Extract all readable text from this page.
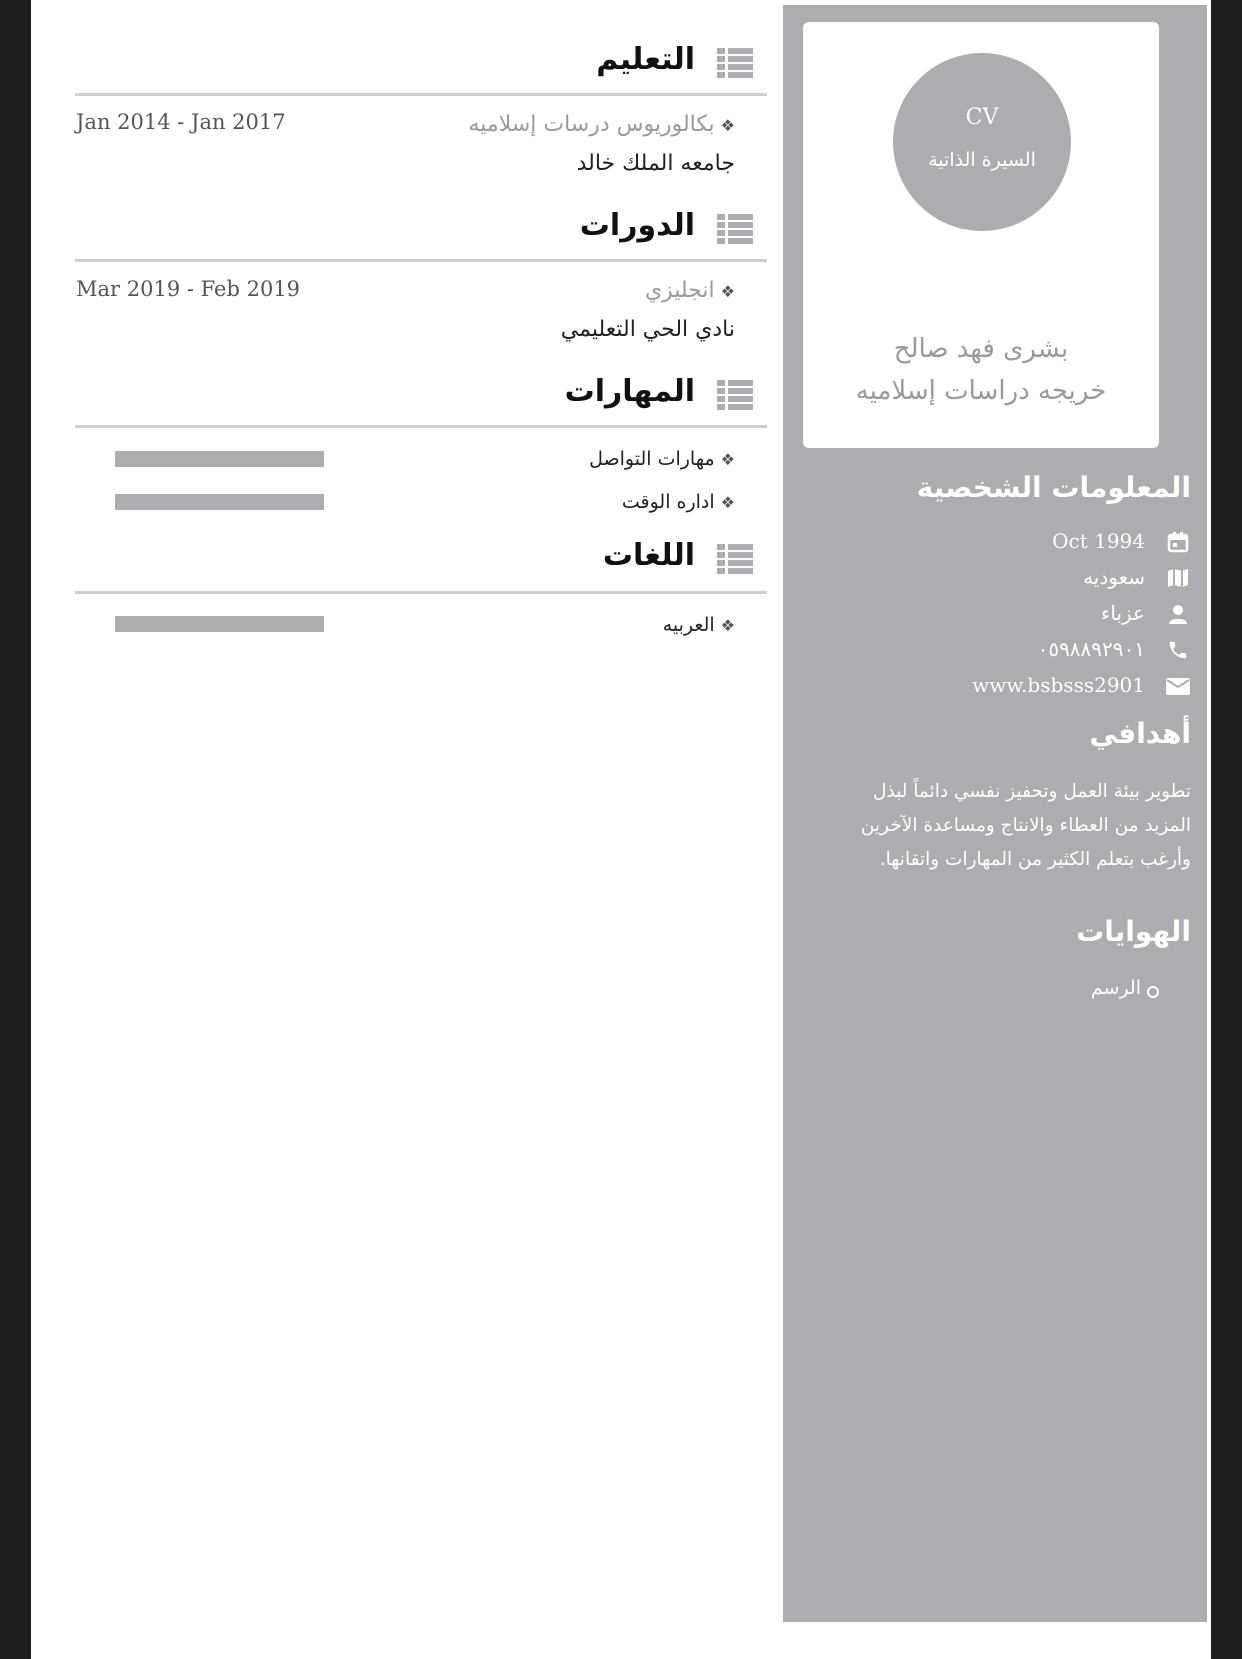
التعليم
❖بكالوريوس درسات إسلاميه
Jan 2014 - Jan 2017
جامعه الملك خالد
الدورات
❖انجليزي
Mar 2019 - Feb 2019
نادي الحي التعليمي
المهارات
❖مهارات التواصل
❖اداره الوقت
اللغات
❖العربيه
CV
السيرة الذاتية
بشرى فهد صالح
خريجه دراسات إسلاميه
المعلومات الشخصية
Oct 1994
سعوديه
عزباء
٠٥٩٨٨٩٢٩٠١
www.bsbsss2901
أهدافي
تطوير بيئة العمل وتحفيز نفسي دائماً لبذل المزيد من العطاء والانتاج ومساعدة الآخرين وأرغب بتعلم الكثير من المهارات واتقانها.
الهوايات
الرسم
